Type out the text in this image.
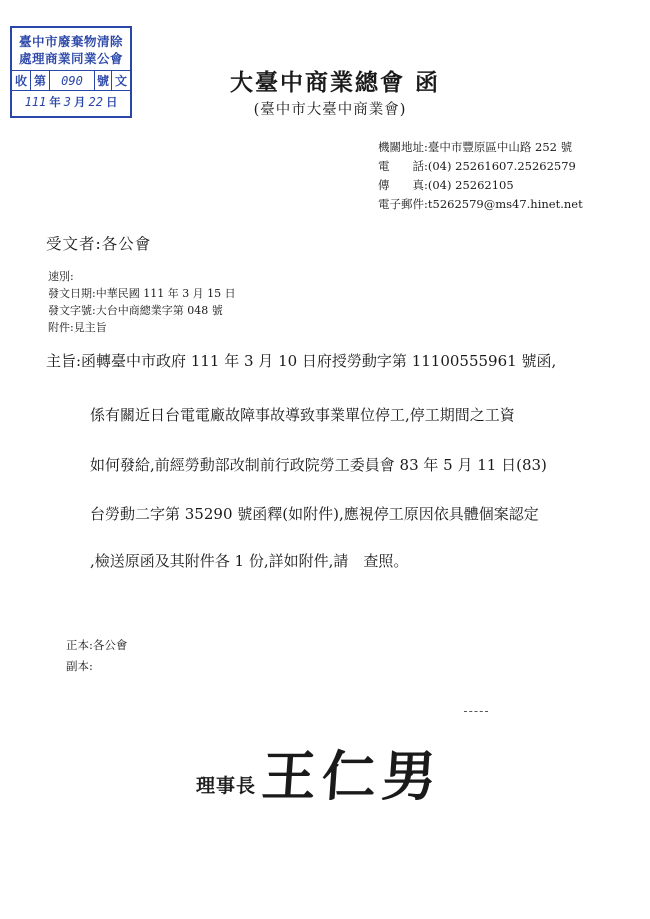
臺中市廢棄物清除
處理商業同業公會
收 第	090	號 文
111 年 3 月 22 日
大臺中商業總會 函
(臺中市大臺中商業會)
機關地址 :臺中市豐原區中山路 252 號
電　　話 :(04) 25261607.25262579
傳　　真 :(04) 25262105
電子郵件 :t5262579@ms47.hinet.net
受文者:各公會
速別:
發文日期:中華民國 111 年 3 月 15 日
發文字號:大台中商總業字第 048 號
附件:見主旨
主旨:函轉臺中市政府 111 年 3 月 10 日府授勞動字第 11100555961 號函,
係有關近日台電電廠故障事故導致事業單位停工,停工期間之工資
如何發給,前經勞動部改制前行政院勞工委員會 83 年 5 月 11 日(83)
台勞動二字第 35290 號函釋(如附件),應視停工原因依具體個案認定
,檢送原函及其附件各 1 份,詳如附件,請　查照。
正本:各公會
副本:
理事長 王仁男
